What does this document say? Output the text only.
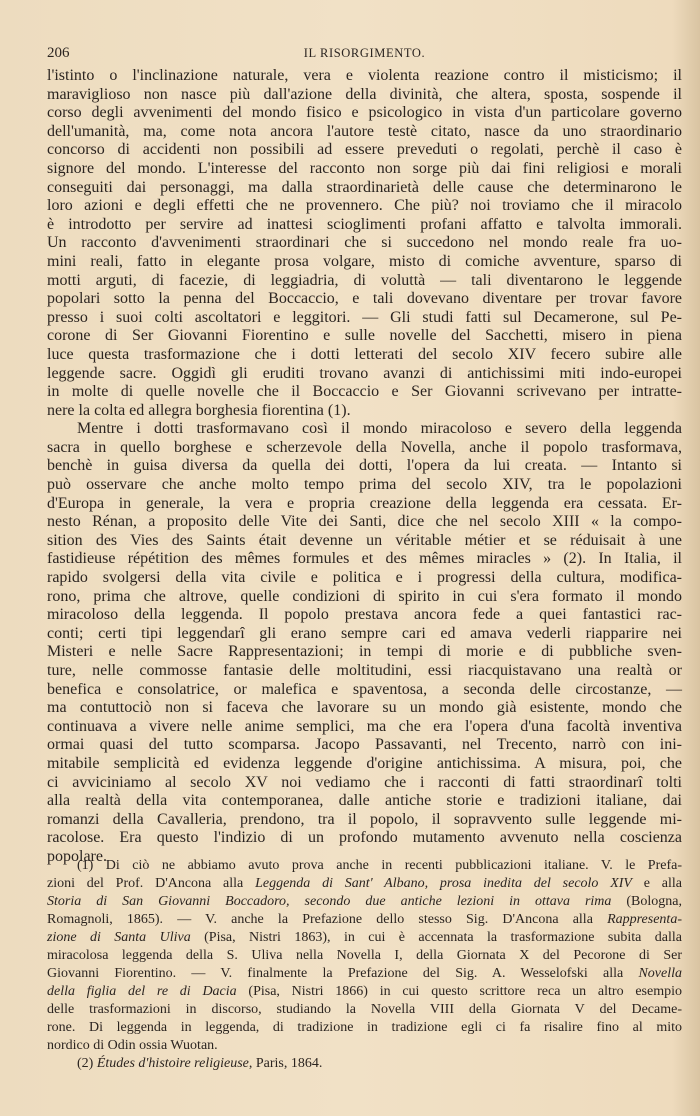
206	IL RISORGIMENTO.
l'istinto o l'inclinazione naturale, vera e violenta reazione contro il misticismo; il
maraviglioso non nasce più dall'azione della divinità, che altera, sposta, sospende il
corso degli avvenimenti del mondo fisico e psicologico in vista d'un particolare governo
dell'umanità, ma, come nota ancora l'autore testè citato, nasce da uno straordinario
concorso di accidenti non possibili ad essere preveduti o regolati, perchè il caso è
signore del mondo. L'interesse del racconto non sorge più dai fini religiosi e morali
conseguiti dai personaggi, ma dalla straordinarietà delle cause che determinarono le
loro azioni e degli effetti che ne provennero. Che più? noi troviamo che il miracolo
è introdotto per servire ad inattesi scioglimenti profani affatto e talvolta immorali.
Un racconto d'avvenimenti straordinari che si succedono nel mondo reale fra uo-
mini reali, fatto in elegante prosa volgare, misto di comiche avventure, sparso di
motti arguti, di facezie, di leggiadria, di voluttà — tali diventarono le leggende
popolari sotto la penna del Boccaccio, e tali dovevano diventare per trovar favore
presso i suoi colti ascoltatori e leggitori. — Gli studi fatti sul Decamerone, sul Pe-
corone di Ser Giovanni Fiorentino e sulle novelle del Sacchetti, misero in piena
luce questa trasformazione che i dotti letterati del secolo XIV fecero subire alle
leggende sacre. Oggidì gli eruditi trovano avanzi di antichissimi miti indo-europei
in molte di quelle novelle che il Boccaccio e Ser Giovanni scrivevano per intratte-
nere la colta ed allegra borghesia fiorentina (1).
Mentre i dotti trasformavano così il mondo miracoloso e severo della leggenda
sacra in quello borghese e scherzevole della Novella, anche il popolo trasformava,
benchè in guisa diversa da quella dei dotti, l'opera da lui creata. — Intanto si
può osservare che anche molto tempo prima del secolo XIV, tra le popolazioni
d'Europa in generale, la vera e propria creazione della leggenda era cessata. Er-
nesto Rénan, a proposito delle Vite dei Santi, dice che nel secolo XIII « la compo-
sition des Vies des Saints était devenne un véritable métier et se réduisait à une
fastidieuse répétition des mêmes formules et des mêmes miracles » (2). In Italia, il
rapido svolgersi della vita civile e politica e i progressi della cultura, modifica-
rono, prima che altrove, quelle condizioni di spirito in cui s'era formato il mondo
miracoloso della leggenda. Il popolo prestava ancora fede a quei fantastici rac-
conti; certi tipi leggendarî gli erano sempre cari ed amava vederli riapparire nei
Misteri e nelle Sacre Rappresentazioni; in tempi di morie e di pubbliche sven-
ture, nelle commosse fantasie delle moltitudini, essi riacquistavano una realtà or
benefica e consolatrice, or malefica e spaventosa, a seconda delle circostanze, —
ma contuttociò non si faceva che lavorare su un mondo già esistente, mondo che
continuava a vivere nelle anime semplici, ma che era l'opera d'una facoltà inventiva
ormai quasi del tutto scomparsa. Jacopo Passavanti, nel Trecento, narrò con ini-
mitabile semplicità ed evidenza leggende d'origine antichissima. A misura, poi, che
ci avviciniamo al secolo XV noi vediamo che i racconti di fatti straordinarî tolti
alla realtà della vita contemporanea, dalle antiche storie e tradizioni italiane, dai
romanzi della Cavalleria, prendono, tra il popolo, il sopravvento sulle leggende mi-
racolose. Era questo l'indizio di un profondo mutamento avvenuto nella coscienza
popolare.
(1) Di ciò ne abbiamo avuto prova anche in recenti pubblicazioni italiane. V. le Prefa-
zioni del Prof. D'Ancona alla Leggenda di Sant' Albano, prosa inedita del secolo XIV e alla
Storia di San Giovanni Boccadoro, secondo due antiche lezioni in ottava rima (Bologna,
Romagnoli, 1865). — V. anche la Prefazione dello stesso Sig. D'Ancona alla Rappresenta-
zione di Santa Uliva (Pisa, Nistri 1863), in cui è accennata la trasformazione subita dalla
miracolosa leggenda della S. Uliva nella Novella I, della Giornata X del Pecorone di Ser
Giovanni Fiorentino. — V. finalmente la Prefazione del Sig. A. Wesselofski alla Novella
della figlia del re di Dacia (Pisa, Nistri 1866) in cui questo scrittore reca un altro esempio
delle trasformazioni in discorso, studiando la Novella VIII della Giornata V del Decame-
rone. Di leggenda in leggenda, di tradizione in tradizione egli ci fa risalire fino al mito
nordico di Odin ossia Wuotan.
(2) Études d'histoire religieuse, Paris, 1864.
